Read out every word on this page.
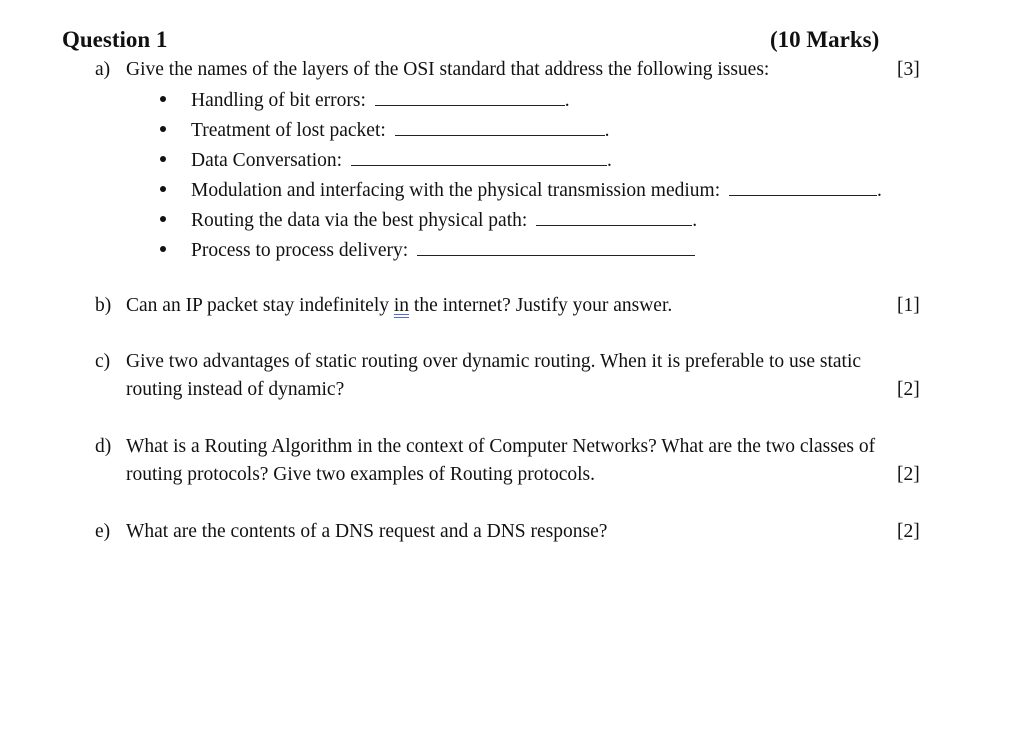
Question 1	(10 Marks)
a) Give the names of the layers of the OSI standard that address the following issues:	[3]
Handling of bit errors:	.
Treatment of lost packet:	.
Data Conversation:	.
Modulation and interfacing with the physical transmission medium:	.
Routing the data via the best physical path:	.
Process to process delivery:
b) Can an IP packet stay indefinitely in the internet? Justify your answer.	[1]
c) Give two advantages of static routing over dynamic routing. When it is preferable to use static
routing instead of dynamic?	[2]
d) What is a Routing Algorithm in the context of Computer Networks? What are the two classes of
routing protocols? Give two examples of Routing protocols.	[2]
e) What are the contents of a DNS request and a DNS response?	[2]
